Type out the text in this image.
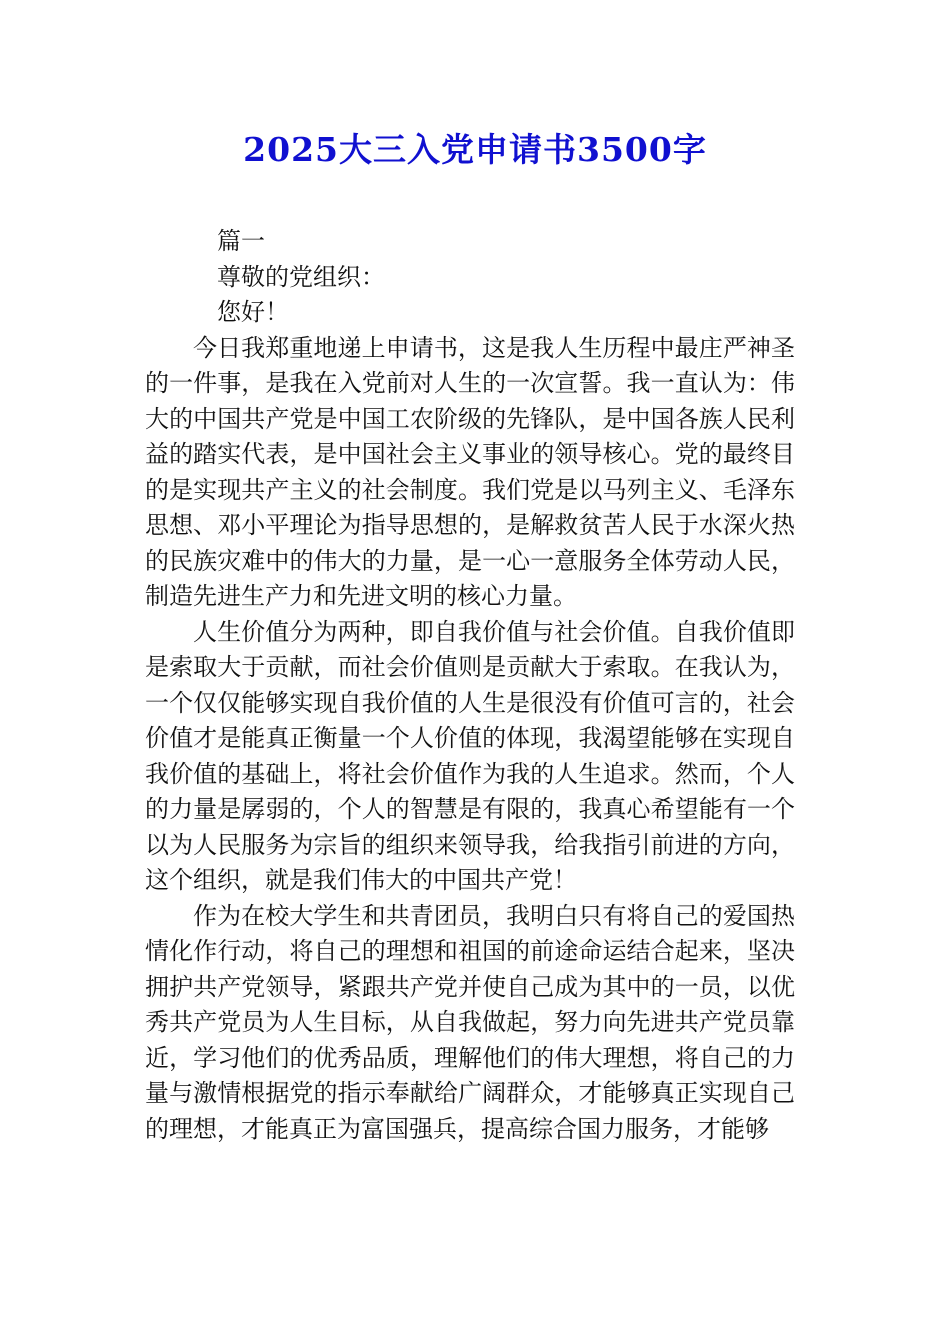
2025大三入党申请书3500字

篇一

尊敬的党组织：

您好！

今日我郑重地递上申请书，这是我人生历程中最庄严神圣的一件事，是我在入党前对人生的一次宣誓。我一直认为：伟大的中国共产党是中国工农阶级的先锋队，是中国各族人民利益的踏实代表，是中国社会主义事业的领导核心。党的最终目的是实现共产主义的社会制度。我们党是以马列主义、毛泽东思想、邓小平理论为指导思想的，是解救贫苦人民于水深火热的民族灾难中的伟大的力量，是一心一意服务全体劳动人民，制造先进生产力和先进文明的核心力量。

人生价值分为两种，即自我价值与社会价值。自我价值即是索取大于贡献，而社会价值则是贡献大于索取。在我认为，一个仅仅能够实现自我价值的人生是很没有价值可言的，社会价值才是能真正衡量一个人价值的体现，我渴望能够在实现自我价值的基础上，将社会价值作为我的人生追求。然而，个人的力量是孱弱的，个人的智慧是有限的，我真心希望能有一个以为人民服务为宗旨的组织来领导我，给我指引前进的方向，这个组织，就是我们伟大的中国共产党！

作为在校大学生和共青团员，我明白只有将自己的爱国热情化作行动，将自己的理想和祖国的前途命运结合起来，坚决拥护共产党领导，紧跟共产党并使自己成为其中的一员，以优秀共产党员为人生目标，从自我做起，努力向先进共产党员靠近，学习他们的优秀品质，理解他们的伟大理想，将自己的力量与激情根据党的指示奉献给广阔群众，才能够真正实现自己的理想，才能真正为富国强兵，提高综合国力服务，才能够
